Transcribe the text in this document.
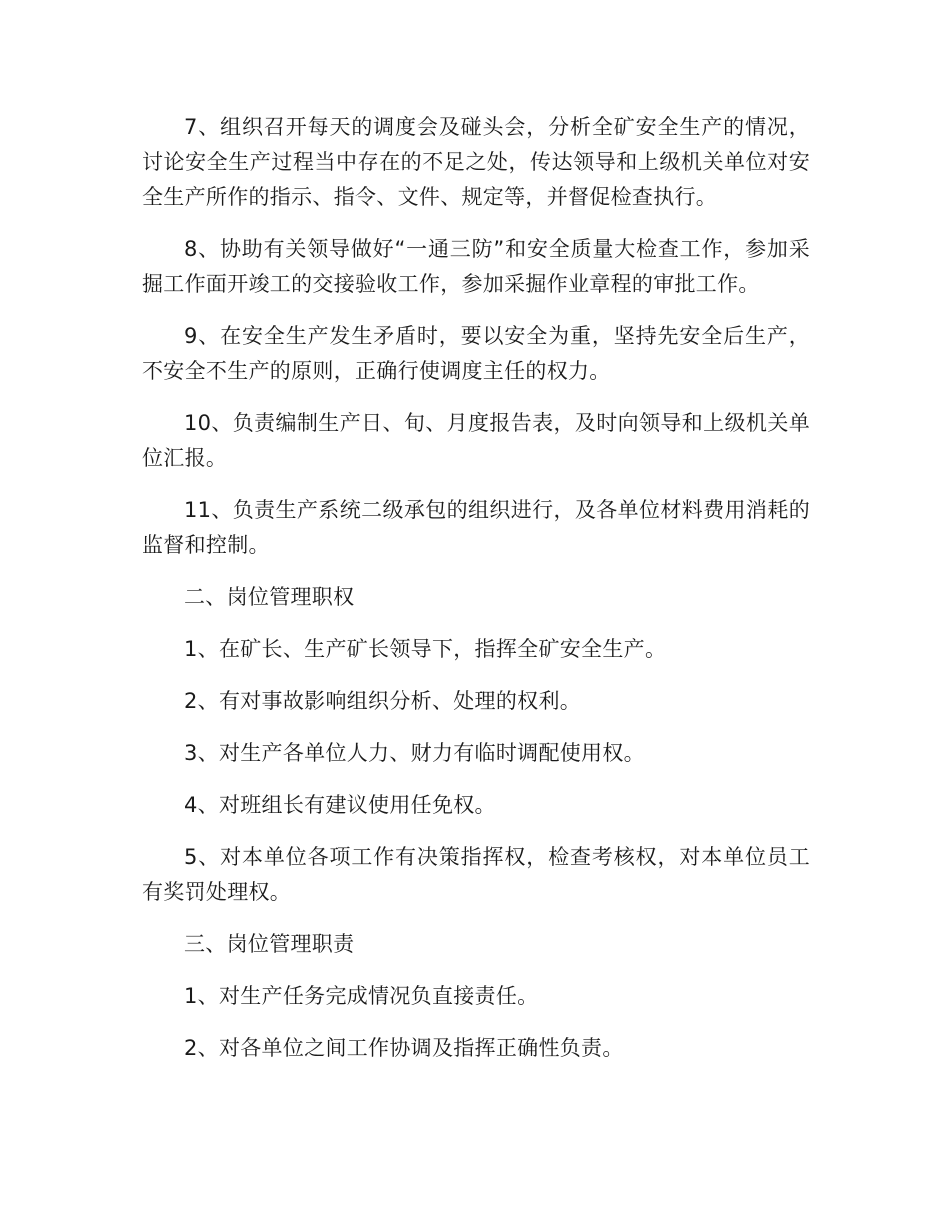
7、组织召开每天的调度会及碰头会，分析全矿安全生产的情况，讨论安全生产过程当中存在的不足之处，传达领导和上级机关单位对安全生产所作的指示、指令、文件、规定等，并督促检查执行。

8、协助有关领导做好“一通三防”和安全质量大检查工作，参加采掘工作面开竣工的交接验收工作，参加采掘作业章程的审批工作。

9、在安全生产发生矛盾时，要以安全为重，坚持先安全后生产，不安全不生产的原则，正确行使调度主任的权力。

10、负责编制生产日、旬、月度报告表，及时向领导和上级机关单位汇报。

11、负责生产系统二级承包的组织进行，及各单位材料费用消耗的监督和控制。

二、岗位管理职权

1、在矿长、生产矿长领导下，指挥全矿安全生产。

2、有对事故影响组织分析、处理的权利。

3、对生产各单位人力、财力有临时调配使用权。

4、对班组长有建议使用任免权。

5、对本单位各项工作有决策指挥权，检查考核权，对本单位员工有奖罚处理权。

三、岗位管理职责

1、对生产任务完成情况负直接责任。

2、对各单位之间工作协调及指挥正确性负责。
